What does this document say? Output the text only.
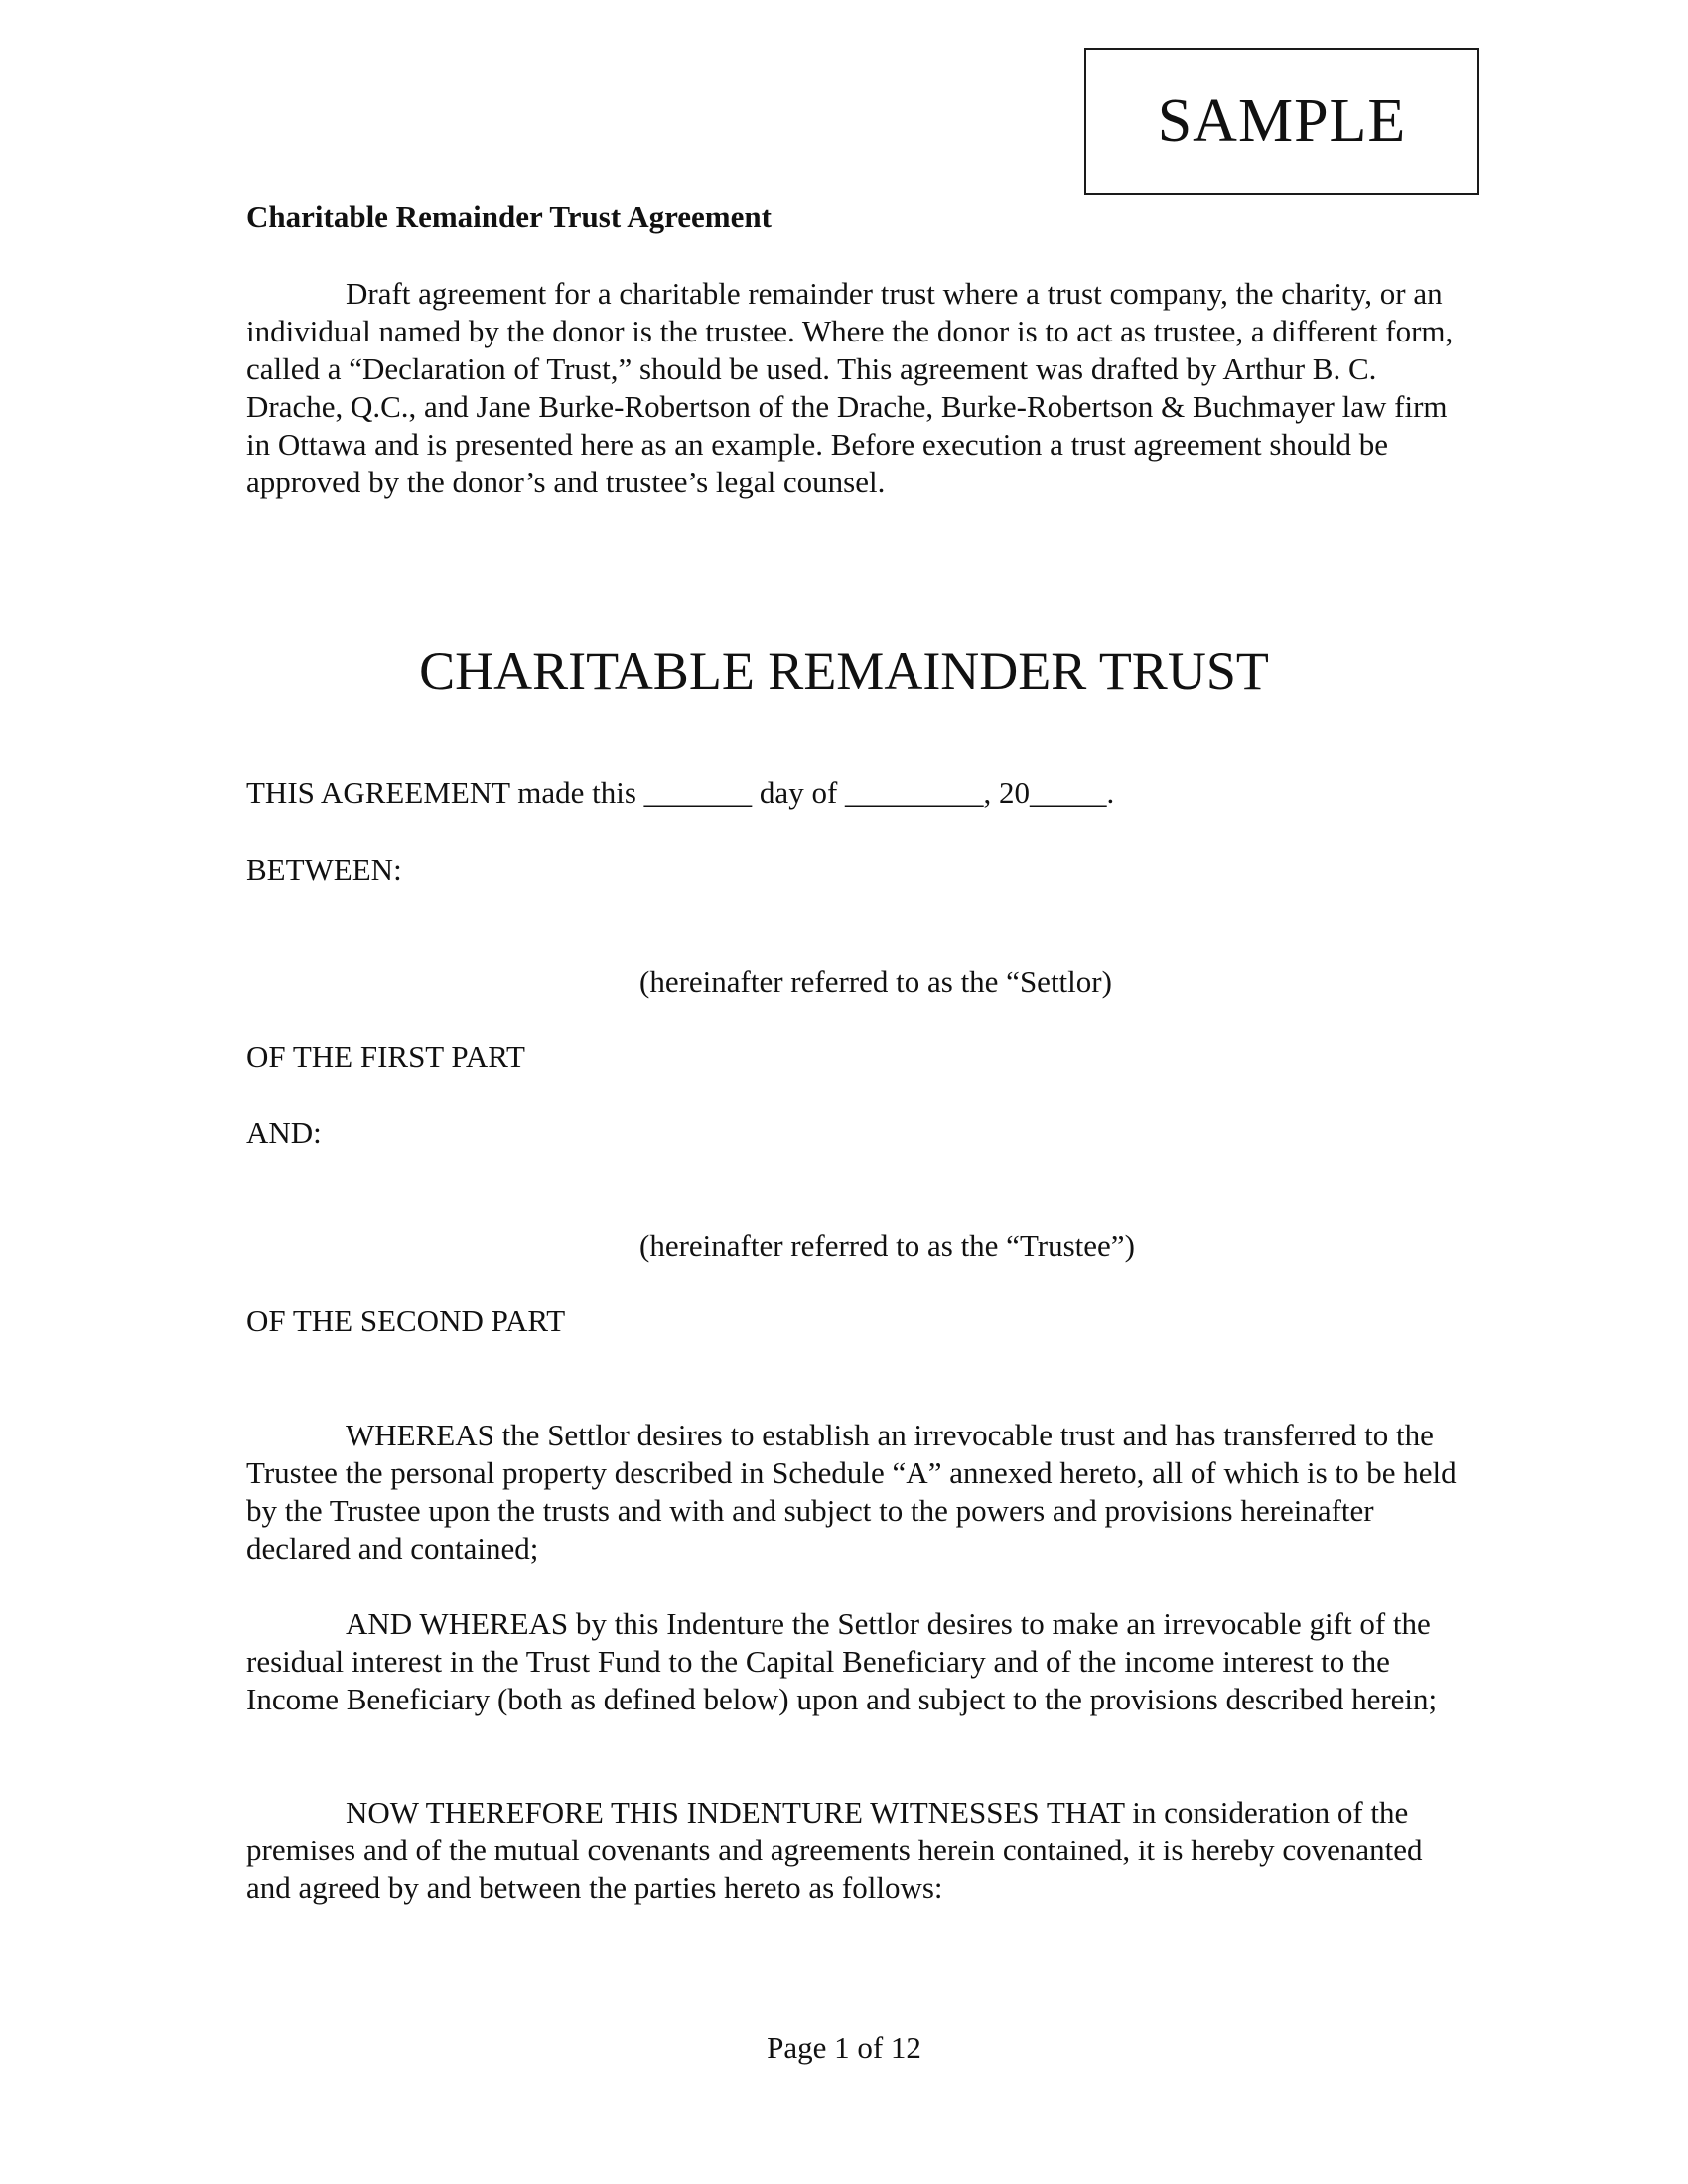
SAMPLE
Charitable Remainder Trust Agreement

Draft agreement for a charitable remainder trust where a trust company, the charity, or an individual named by the donor is the trustee. Where the donor is to act as trustee, a different form, called a “Declaration of Trust,” should be used. This agreement was drafted by Arthur B. C. Drache, Q.C., and Jane Burke-Robertson of the Drache, Burke-Robertson & Buchmayer law firm in Ottawa and is presented here as an example. Before execution a trust agreement should be approved by the donor’s and trustee’s legal counsel.

CHARITABLE REMAINDER TRUST
THIS AGREEMENT made this _______ day of _________, 20_____.
BETWEEN:
(hereinafter referred to as the “Settlor)
OF THE FIRST PART
AND:
(hereinafter referred to as the “Trustee”)
OF THE SECOND PART

WHEREAS the Settlor desires to establish an irrevocable trust and has transferred to the Trustee the personal property described in Schedule “A” annexed hereto, all of which is to be held by the Trustee upon the trusts and with and subject to the powers and provisions hereinafter declared and contained;

AND WHEREAS by this Indenture the Settlor desires to make an irrevocable gift of the residual interest in the Trust Fund to the Capital Beneficiary and of the income interest to the Income Beneficiary (both as defined below) upon and subject to the provisions described herein;

NOW THEREFORE THIS INDENTURE WITNESSES THAT in consideration of the premises and of the mutual covenants and agreements herein contained, it is hereby covenanted and agreed by and between the parties hereto as follows:

Page 1 of 12
